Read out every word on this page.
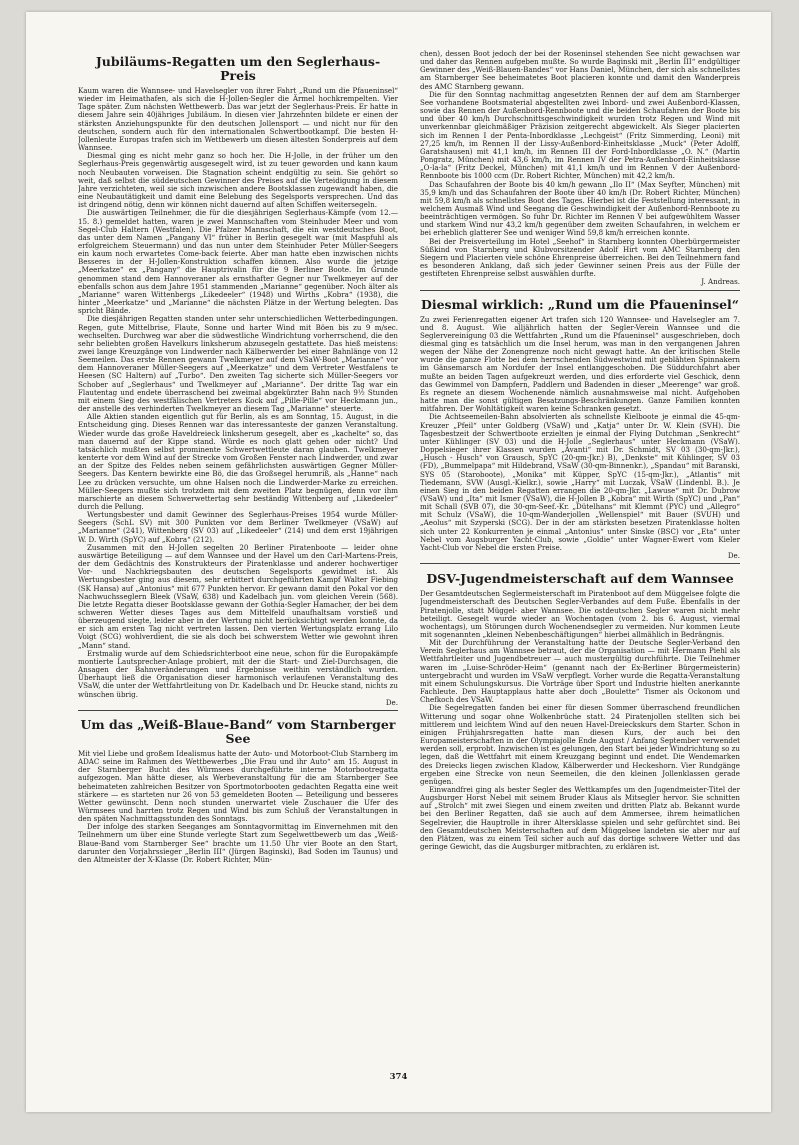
Jubiläums-Regatten um den Seglerhaus-Preis

Kaum waren die Wannsee- und Havelsegler von ihrer Fahrt „Rund um die Pfaueninsel“ wieder im Heimathafen, als sich die H-Jollen-Segler die Ärmel hochkrempelten. Vier Tage später. Zum nächsten Wettbewerb. Das war jetzt der Seglerhaus-Preis. Er hatte in diesem Jahre sein 40jähriges Jubiläum. In diesen vier Jahrzehnten bildete er einen der stärksten Anziehungspunkte für den deutschen Jollensport — und nicht nur für den deutschen, sondern auch für den internationalen Schwertbootkampf. Die besten H-Jollenleute Europas trafen sich im Wettbewerb um diesen ältesten Sonderpreis auf dem Wannsee.

Diesmal ging es nicht mehr ganz so hoch her. Die H-Jolle, in der früher um den Seglerhaus-Preis gegenwärtig ausgesegelt wird, ist zu teuer geworden und kann kaum noch Neubauten vorweisen. Die Stagnation scheint endgültig zu sein. Sie gehört so weit, daß selbst die süddeutschen Gewinner des Preises auf die Verteidigung in diesem Jahre verzichteten, weil sie sich inzwischen andere Bootsklassen zugewandt haben, die eine Neubautätigkeit und damit eine Belebung des Segelsports versprechen. Und das ist dringend nötig, denn wir können nicht dauernd auf alten Schiffen weitersegeln.

Die auswärtigen Teilnehmer, die für die diesjährigen Seglerhaus-Kämpfe (vom 12.—15. 8.) gemeldet hatten, waren je zwei Mannschaften vom Steinhuder Meer und vom Segel-Club Haltern (Westfalen). Die Pfalzer Mannschaft, die ein westdeutsches Boot, das unter dem Namen „Pangany VI“ früher in Berlin gesegelt war (mit Maspfuhl als erfolgreichem Steuermann) und das nun unter dem Steinhuder Peter Müller-Seegers ein kaum noch erwartetes Come-back feierte. Aber man hatte eben inzwischen nichts Besseres in der H-Jollen-Konstruktion schaffen können. Also wurde die jetzige „Meerkatze“ ex „Pangany“ die Hauptrivalin für die 9 Berliner Boote. Im Grunde genommen stand dem Hannoveraner als ernsthafter Gegner nur Twelkmeyer auf der ebenfalls schon aus dem Jahre 1951 stammenden „Marianne“ gegenüber. Noch älter als „Marianne“ waren Wittenbergs „Likedeeler“ (1948) und Wirths „Kobra“ (1938), die hinter „Meerkatze“ und „Marianne“ die nächsten Plätze in der Wertung belegten. Das spricht Bände.

Die diesjährigen Regatten standen unter sehr unterschiedlichen Wetterbedingungen. Regen, gute Mittelbrise, Flaute, Sonne und harter Wind mit Böen bis zu 9 m/sec. wechselten. Durchweg war aber die südwestliche Windrichtung vorherrschend, die den sehr beliebten großen Havelkurs linksherum abzusegeln gestattete. Das hieß meistens: zwei lange Kreuzgänge von Lindwerder nach Kälberwerder bei einer Bahnlänge von 12 Seemeilen. Das erste Rennen gewann Twelkmeyer auf dem VSaW-Boot „Marianne“ vor dem Hannoveraner Müller-Seegers auf „Meerkatze“ und dem Vertreter Westfalens te Heesen (SC Haltern) auf „Turbo“. Den zweiten Tag sicherte sich Müller-Seegers vor Schober auf „Seglerhaus“ und Twelkmeyer auf „Marianne“. Der dritte Tag war ein Flautentag und endete überraschend bei zweimal abgekürzter Bahn nach 9½ Stunden mit einem Sieg des westfälischen Vertreters Kock auf „Pille-Pille“ vor Heckmann jun., der anstelle des verhinderten Twelkmeyer an diesem Tag „Marianne“ steuerte.

Alle Aktien standen eigentlich gut für Berlin, als es am Sonntag, 15. August, in die Entscheidung ging. Dieses Rennen war das interessanteste der ganzen Veranstaltung. Wieder wurde das große Haveldreieck linksherum gesegelt, aber es „kachelte“ so, das man dauernd auf der Kippe stand. Würde es noch glatt gehen oder nicht? Und tatsächlich mußten selbst prominente Schwertwettleute daran glauben. Twelkmeyer kenterte vor dem Wind auf der Strecke vom Großen Fenster nach Lindwerder, und zwar an der Spitze des Feldes neben seinem gefährlichsten auswärtigen Gegner Müller-Seegers. Das Kentern bewirkte eine Bö, die das Großsegel herumriß, als „Hanne“ nach Lee zu drücken versuchte, um ohne Halsen noch die Lindwerder-Marke zu erreichen. Müller-Seegers mußte sich trotzdem mit dem zweiten Platz begnügen, denn vor ihm marschierte an diesem Schwerwettertag sehr beständig Wittenberg auf „Likedeeler“ durch die Pellung.

Wertungsbester und damit Gewinner des Seglerhaus-Preises 1954 wurde Müller-Seegers (SchL SV) mit 300 Punkten vor dem Berliner Twelkmeyer (VSaW) auf „Marianne“ (241), Wittenberg (SV 03) auf „Likedeeler“ (214) und dem erst 19jährigen W. D. Wirth (SpYC) auf „Kobra“ (212).

Zusammen mit den H-Jollen segelten 20 Berliner Piratenboote — leider ohne auswärtige Beteiligung — auf dem Wannsee und der Havel um den Carl-Martens-Preis, der dem Gedächtnis des Konstrukteurs der Piratenklasse und anderer hochwertiger Vor- und Nachkriegsbauten des deutschen Segelsports gewidmet ist. Als Wertungsbester ging aus diesem, sehr erbittert durchgeführten Kampf Walter Fiebing (SK Hansa) auf „Antonius“ mit 677 Punkten hervor. Er gewann damit den Pokal vor den Nachwuchsseglern Bleek (VSaW, 638) und Kadelbach jun. vom gleichen Verein (568). Die letzte Regatta dieser Bootsklasse gewann der Gothia-Segler Hamacher, der bei dem schweren Wetter dieses Tages aus dem Mittelfeld unaufhaltsam vorstieß und überzeugend siegte, leider aber in der Wertung nicht berücksichtigt werden konnte, da er sich am ersten Tag nicht vertreten lassen. Den vierten Wertungsplatz errang Lilo Voigt (SCG) wohlverdient, die sie als doch bei schwerstem Wetter wie gewohnt ihren „Mann“ stand.

Erstmalig wurde auf dem Schiedsrichterboot eine neue, schon für die Europakämpfe montierte Lautsprecher-Anlage probiert, mit der die Start- und Ziel-Durchsagen, die Ansagen der Bahnveränderungen und Ergebnisse weithin verständlich wurden. Überhaupt ließ die Organisation dieser harmonisch verlaufenen Veranstaltung des VSaW, die unter der Wettfahrtleitung von Dr. Kadelbach und Dr. Heucke stand, nichts zu wünschen übrig.

De.

Um das „Weiß-Blaue-Band“ vom Starnberger See

Mit viel Liebe und großem Idealismus hatte der Auto- und Motorboot-Club Starnberg im ADAC seine im Rahmen des Wettbewerbes „Die Frau und ihr Auto“ am 15. August in der Starnberger Bucht des Würmsees durchgeführte interne Motorbootregatta aufgezogen. Man hätte dieser, als Werbeveranstaltung für die am Starnberger See beheimateten zahlreichen Besitzer von Sportmotorbooten gedachten Regatta eine weit stärkere — es starteten nur 26 von 53 gemeldeten Booten — Beteiligung und besseres Wetter gewünscht. Denn noch stunden unerwartet viele Zuschauer die Ufer des Würmsees und harrten trotz Regen und Wind bis zum Schluß der Veranstaltungen in den späten Nachmittagsstunden des Sonntags.

Der infolge des starken Seeganges am Sonntagvormittag im Einvernehmen mit den Teilnehmern um über eine Stunde verlegte Start zum Segelwettbewerb um das „Weiß-Blaue-Band vom Starnberger See“ brachte um 11.50 Uhr vier Boote an den Start, darunter den Vorjahrssieger „Berlin III“ (Jürgen Baginski), Bad Soden im Taunus) und den Altmeister der X-Klasse (Dr. Robert Richter, Mün-

chen), dessen Boot jedoch der bei der Roseninsel stehenden See nicht gewachsen war und daher das Rennen aufgeben mußte. So wurde Baginski mit „Berlin III“ endgültiger Gewinner des „Weiß-Blauen-Bandes“ vor Hans Daniel, München, der sich als schnellstes am Starnberger See beheimatetes Boot placieren konnte und damit den Wanderpreis des AMC Starnberg gewann.

Die für den Sonntag nachmittag angesetzten Rennen der auf dem am Starnberger See vorhandene Bootsmaterial abgestellten zwei Inbord- und zwei Außenbord-Klassen, sowie das Rennen der Außenbord-Rennboote und die beiden Schaufahren der Boote bis und über 40 km/h Durchschnittsgeschwindigkeit wurden trotz Regen und Wind mit unverkennbar gleichmäßiger Präzision zeitgerecht abgewickelt. Als Sieger placierten sich im Rennen I der Penta-Inbordklasse „Lechgeist“ (Fritz Simmerding, Leoni) mit 27,25 km/h, im Rennen II der Lissy-Außenbord-Einheitsklasse „Muck“ (Peter Adolff, Garatshausen) mit 41,1 km/h, im Rennen III der Ford-Inbordklasse „O. N.“ (Martin Pongratz, München) mit 43,6 km/h, im Rennen IV der Petra-Außenbord-Einheitsklasse „O-la-la“ (Fritz Deckel, München) mit 41,1 km/h und im Rennen V der Außenbord-Rennboote bis 1000 ccm (Dr. Robert Richter, München) mit 42,2 km/h.

Das Schaufahren der Boote bis 40 km/h gewann „Ilo II“ (Max Seyfter, München) mit 35,9 km/h und das Schaufahren der Boote über 40 km/h (Dr. Robert Richter, München) mit 59,8 km/h als schnellstes Boot des Tages. Hierbei ist die Feststellung interessant, in welchem Ausmaß Wind und Seegang die Geschwindigkeit der Außenbord-Rennboote zu beeinträchtigen vermögen. So fuhr Dr. Richter im Rennen V bei aufgewühltem Wasser und starkem Wind nur 43,2 km/h gegenüber dem zweiten Schaufahren, in welchem er bei erheblich glatterer See und weniger Wind 59,8 km/h erreichen konnte.

Bei der Preisverteilung im Hotel „Seehof“ in Starnberg konnten Oberbürgermeister Süßkind von Starnberg und Klubvorsitzender Adolf Hirt vom AMC Starnberg den Siegern und Placierten viele schöne Ehrenpreise überreichen. Bei den Teilnehmern fand es besonderen Anklang, daß sich jeder Gewinner seinen Preis aus der Fülle der gestifteten Ehrenpreise selbst auswählen durfte.

J. Andreas.

Diesmal wirklich: „Rund um die Pfaueninsel“

Zu zwei Ferienregatten eigener Art trafen sich 120 Wannsee- und Havelsegler am 7. und 8. August. Wie alljährlich hatten der Segler-Verein Wannsee und die Seglervereinigung 03 die Wettfahrten „Rund um die Pfaueninsel“ ausgeschrieben, doch diesmal ging es tatsächlich um die Insel herum, was man in den vergangenen Jahren wegen der Nähe der Zonengrenze noch nicht gewagt hatte. An der kritischen Stelle wurde die ganze Flotte bei dem herrschenden Südwestwind mit geblähten Spinnakern im Gänsemarsch am Nordufer der Insel entlanggeschoben. Die Süddurchfahrt aber mußte an beiden Tagen aufgekreuzt werden, und dies erforderte viel Geschick, denn das Gewimmel von Dampfern, Paddlern und Badenden in dieser „Meerenge“ war groß. Es regnete an diesem Wochenende nämlich ausnahmsweise mal nicht. Aufgehoben hatte man die sonst gültigen Besatzungs-Beschränkungen. Ganze Familien konnten mitfahren. Der Wohltätigkeit waren keine Schranken gesetzt.

Die Achtseemeilen-Bahn absolvierten als schnellste Kielboote je einmal die 45-qm-Kreuzer „Pfeil“ unter Goldberg (VSaW) und „Katja“ unter Dr. W. Klein (SVH). Die Tagesbestzeit der Schwertboote erzielten je einmal der Flying Dutchman „Senkrecht“ unter Kühlinger (SV 03) und die H-Jolle „Seglerhaus“ unter Heckmann (VSaW). Doppelsieger ihrer Klassen wurden „Avanti“ mit Dr. Schmidt, SV 03 (30-qm-Jkr.), „Husch - Husch“ von Grausch, SpYC (20-qm-Jkr.) B), „Denkste“ mit Kühlinger, SV 03 (FD), „Bummelpapa“ mit Hildebrand, VSaW (30-qm-Binnenkr.), „Spandau“ mit Baranski, SYS 05 (Staroboote), „Monika“ mit Küpper, SpYC (15-qm-Jkr.), „Atlantis“ mit Tiedemann, SVW (Ausgl.-Kielkr.), sowie „Harry“ mit Luczak, VSaW (Lindenbl. B.). Je einen Sieg in den beiden Regatten errangen die 20-qm-Jkr. „Lawuse“ mit Dr. Dubrow (VSaW) und „Ita“ mit Ismer (VSaW), die H-Jollen B „Kobra“ mit Wirth (SpYC) und „Pan“ mit Schall (SVB 07), die 30-qm-Seef.-Kr. „Dütelhans“ mit Klemmt (PYC) und „Allegro“ mit Schulz (VSaW), die 10-qm-Wanderjollen „Wellenspiel“ mit Bauer (SVUH) und „Aeolus“ mit Szyperski (SCG). Der in der am stärksten besetzen Piratenklasse holten sich unter 22 Konkurrenten je einmal „Antonius“ unter Sinske (BSC) vor „Eta“ unter Nebel vom Augsburger Yacht-Club, sowie „Goldie“ unter Wagner-Ewert vom Kieler Yacht-Club vor Nebel die ersten Preise.

De.

DSV-Jugendmeisterschaft auf dem Wannsee

Der Gesamtdeutschen Seglermeisterschaft im Piratenboot auf dem Müggelsee folgte die Jugendmeisterschaft des Deutschen Segler-Verbandes auf dem Fuße. Ebenfalls in der Piratenjolle, statt Müggel- aber Wannsee. Die ostdeutschen Segler waren nicht mehr beteiligt. Gesegelt wurde wieder an Wochentagen (vom 2. bis 6. August, viermal wochentags), um Störungen durch Wochenendsegler zu vermeiden. Nur kommen Leute mit sogenannten „kleinen Nebenbeschäftigungen“ hierbei allmählich in Bedrängnis.

Mit der Durchführung der Veranstaltung hatte der Deutsche Segler-Verband den Verein Seglerhaus am Wannsee betraut, der die Organisation — mit Hermann Piehl als Wettfahrtleiter und Jugendbetreuer — auch mustergültig durchführte. Die Teilnehmer waren im „Luise-Schröder-Heim“ (genannt nach der Ex-Berliner Bürgermeisterin) untergebracht und wurden im VSaW verpflegt. Vorher wurde die Regatta-Veranstaltung mit einem Schulungskursus. Die Vorträge über Sport und Industrie hielten anerkannte Fachleute. Den Hauptapplaus hatte aber doch „Boulette“ Tismer als Ockonom und Chefkoch des VSaW.

Die Segelregatten fanden bei einer für diesen Sommer überraschend freundlichen Witterung und sogar ohne Wolkenbrüche statt. 24 Piratenjollen stellten sich bei mittlerem und leichtem Wind auf den neuen Havel-Dreieckskurs dem Starter. Schon in einigen Frühjahrsregatten hatte man diesen Kurs, der auch bei den Europameisterschaften in der Olympiajolle Ende August / Anfang September verwendet werden soll, erprobt. Inzwischen ist es gelungen, den Start bei jeder Windrichtung so zu legen, daß die Wettfahrt mit einem Kreuzgang beginnt und endet. Die Wendemarken des Dreiecks liegen zwischen Kladow, Kälberwerder und Heckeshorn. Vier Rundgänge ergeben eine Strecke von neun Seemeilen, die den kleinen Jollenklassen gerade genügen.

Einwandfrei ging als bester Segler des Wettkampfes um den Jugendmeister-Titel der Augsburger Horst Nebel mit seinem Bruder Klaus als Mitsegler hervor. Sie schnitten auf „Strolch“ mit zwei Siegen und einem zweiten und dritten Platz ab. Bekannt wurde bei den Berliner Regatten, daß sie auch auf dem Ammersee, ihrem heimatlichen Segelrevier, die Hauptrolle in ihrer Altersklasse spielen und sehr gefürchtet sind. Bei den Gesamtdeutschen Meisterschaften auf dem Müggelsee landeten sie aber nur auf den Plätzen, was zu einem Teil sicher auch auf das dortige schwere Wetter und das geringe Gewicht, das die Augsburger mitbrachten, zu erklären ist.

374
